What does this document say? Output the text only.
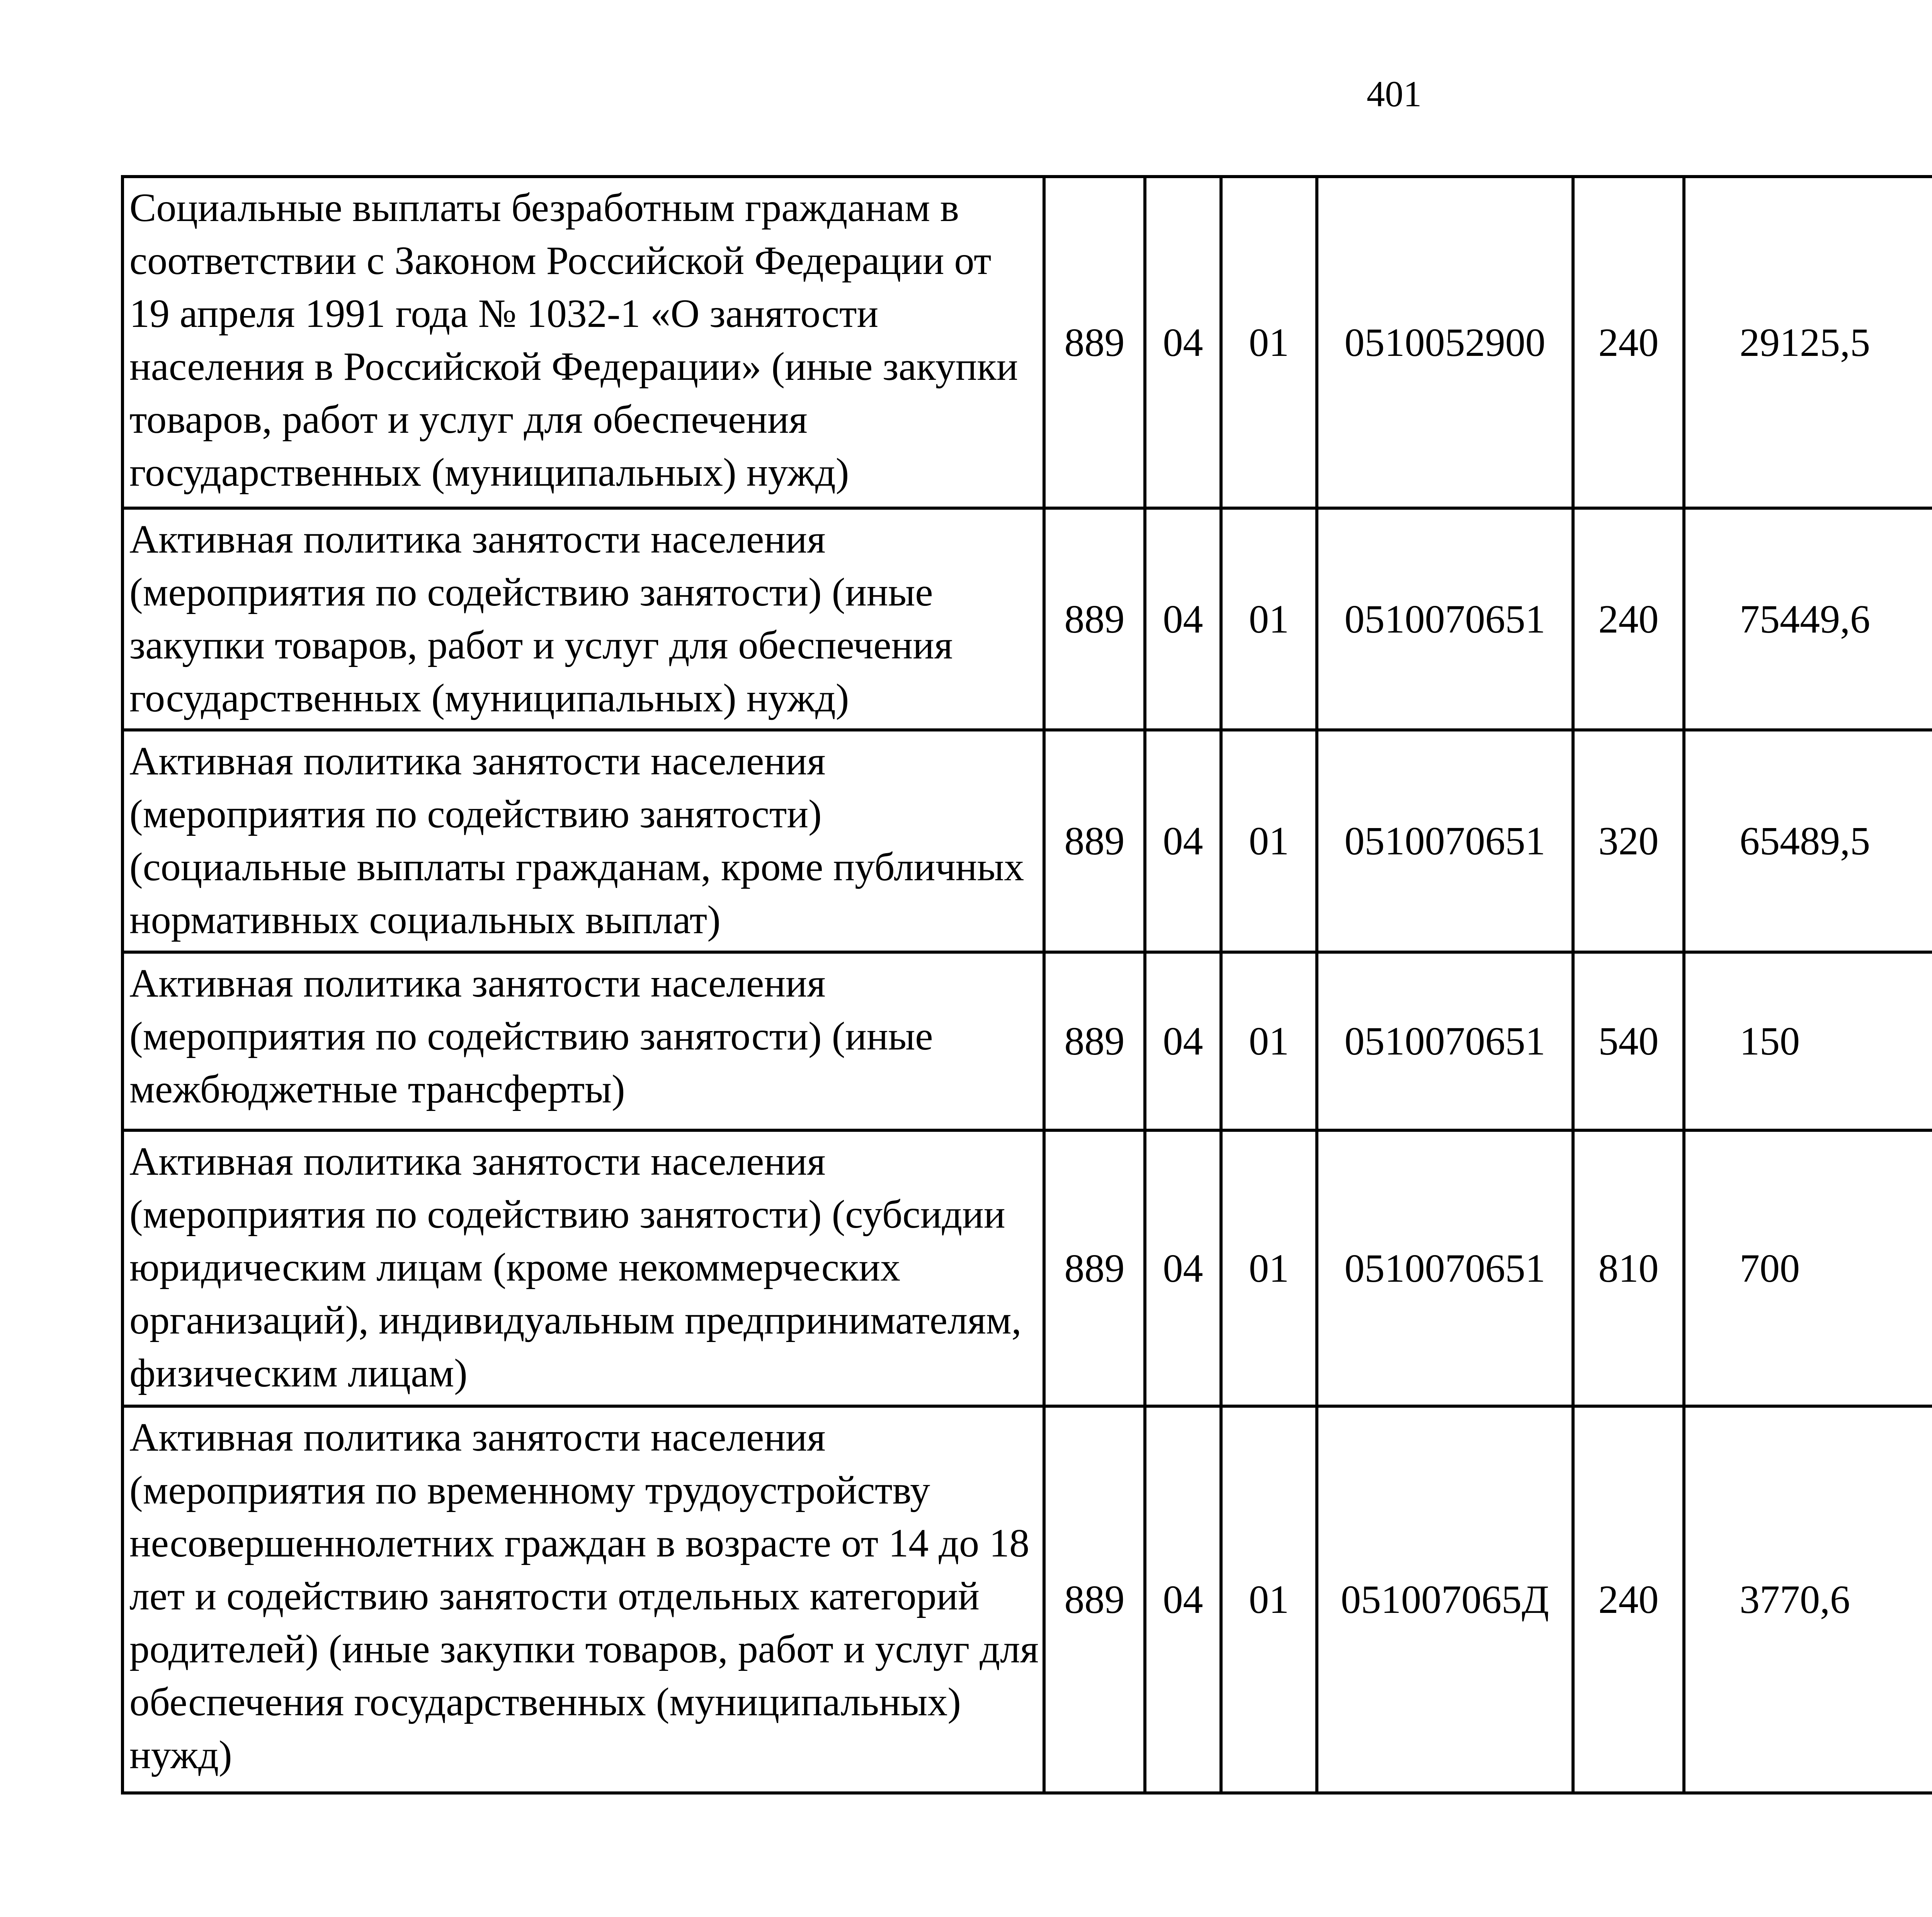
401
Социальные выплаты безработным гражданам в соответствии с Законом Российской Федерации от 19 апреля 1991 года № 1032-1 «О занятости населения в Российской Федерации» (иные закупки товаров, работ и услуг для обеспечения государственных (муниципальных) нужд)	889	04	01	0510052900	240	29125,5		
Активная политика занятости населения (мероприятия по содействию занятости) (иные закупки товаров, работ и услуг для обеспечения государственных (муниципальных) нужд)	889	04	01	0510070651	240	75449,6		
Активная политика занятости населения (мероприятия по содействию занятости) (социальные выплаты гражданам, кроме публичных нормативных социальных выплат)	889	04	01	0510070651	320	65489,5		
Активная политика занятости населения (мероприятия по содействию занятости) (иные межбюджетные трансферты)	889	04	01	0510070651	540	150		
Активная политика занятости населения (мероприятия по содействию занятости) (субсидии юридическим лицам (кроме некоммерческих организаций), индивидуальным предпринимателям, физическим лицам)	889	04	01	0510070651	810	700		
Активная политика занятости населения (мероприятия по временному трудоустройству несовершеннолетних граждан в возрасте от 14 до 18 лет и содействию занятости отдельных категорий родителей) (иные закупки товаров, работ и услуг для обеспечения государственных (муниципальных) нужд)	889	04	01	051007065Д	240	3770,6		
